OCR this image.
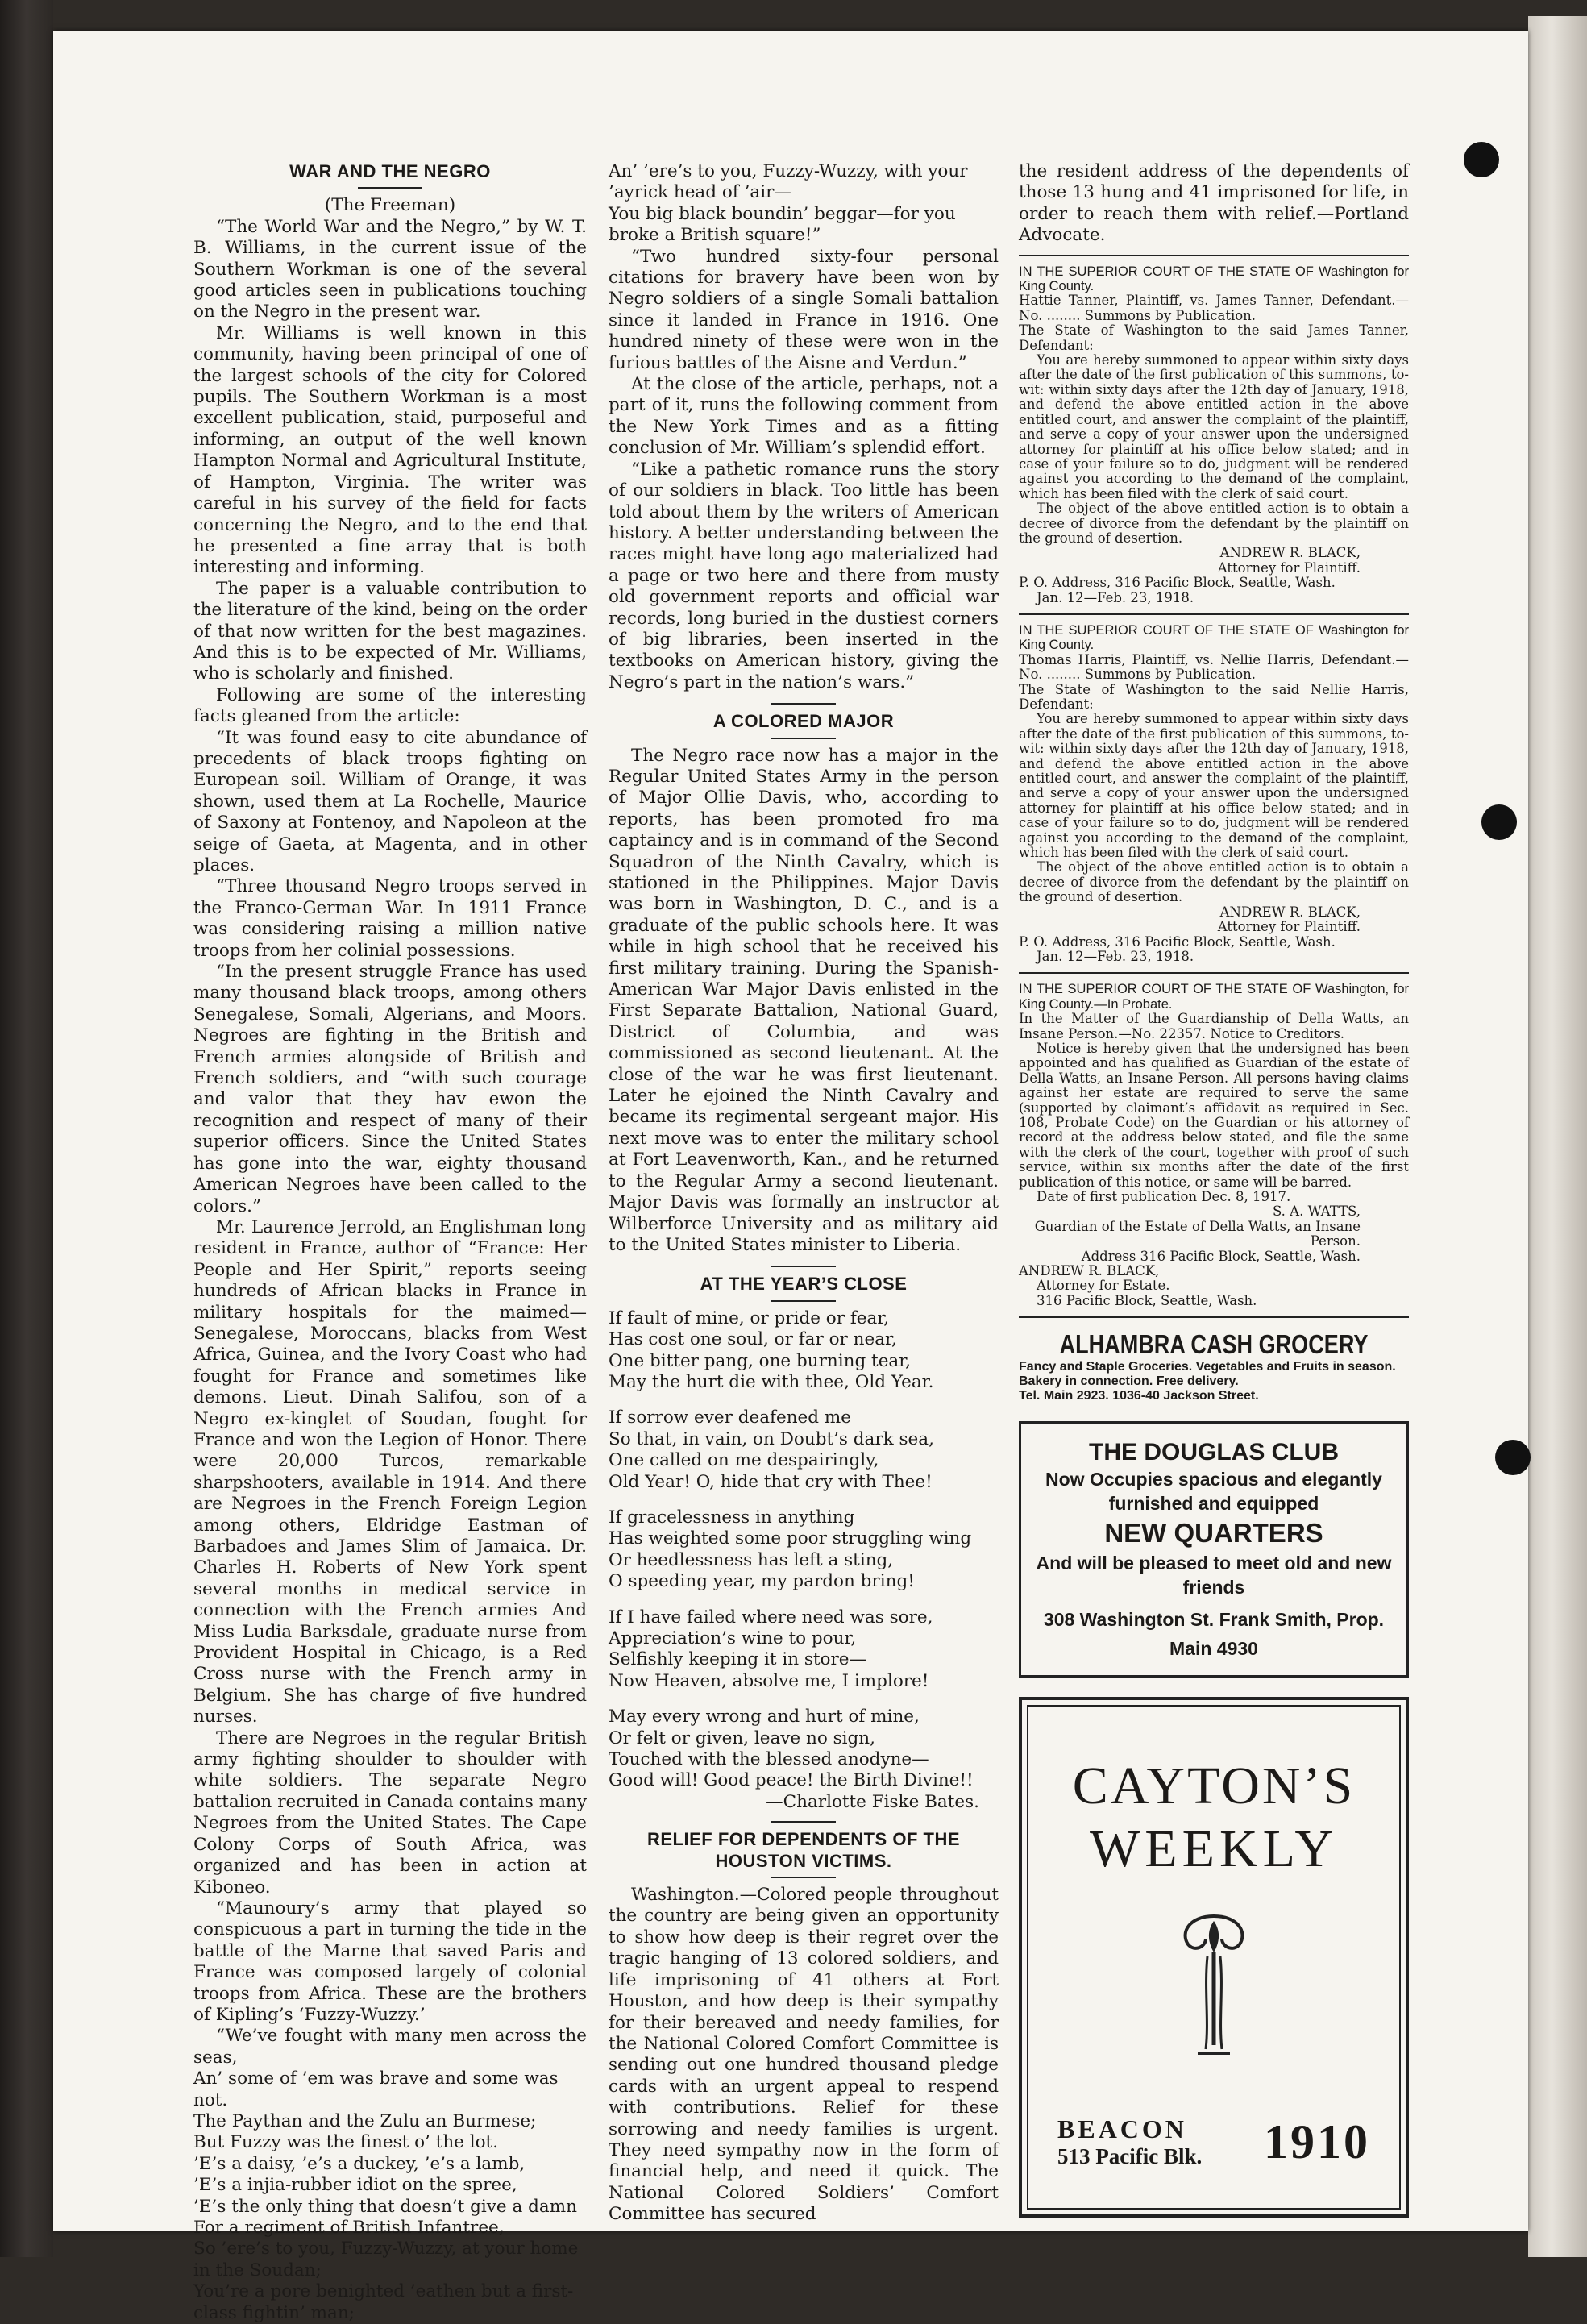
WAR AND THE NEGRO

(The Freeman)

“The World War and the Negro,” by W. T. B. Williams, in the current issue of the Southern Workman is one of the several good articles seen in publications touching on the Negro in the present war.

Mr. Williams is well known in this community, having been principal of one of the largest schools of the city for Colored pupils. The Southern Workman is a most excellent publication, staid, purposeful and informing, an output of the well known Hampton Normal and Agricultural Institute, of Hampton, Virginia. The writer was careful in his survey of the field for facts concerning the Negro, and to the end that he presented a fine array that is both interesting and informing.

The paper is a valuable contribution to the literature of the kind, being on the order of that now written for the best magazines. And this is to be expected of Mr. Williams, who is scholarly and finished.

Following are some of the interesting facts gleaned from the article:

“It was found easy to cite abundance of precedents of black troops fighting on European soil. William of Orange, it was shown, used them at La Rochelle, Maurice of Saxony at Fontenoy, and Napoleon at the seige of Gaeta, at Magenta, and in other places.

“Three thousand Negro troops served in the Franco-German War. In 1911 France was considering raising a million native troops from her colinial possessions.

“In the present struggle France has used many thousand black troops, among others Senegalese, Somali, Algerians, and Moors. Negroes are fighting in the British and French armies alongside of British and French soldiers, and “with such courage and valor that they hav ewon the recognition and respect of many of their superior officers. Since the United States has gone into the war, eighty thousand American Negroes have been called to the colors.”

Mr. Laurence Jerrold, an Englishman long resident in France, author of “France: Her People and Her Spirit,” reports seeing hundreds of African blacks in France in military hospitals for the maimed—Senegalese, Moroccans, blacks from West Africa, Guinea, and the Ivory Coast who had fought for France and sometimes like demons. Lieut. Dinah Salifou, son of a Negro ex-kinglet of Soudan, fought for France and won the Legion of Honor. There were 20,000 Turcos, remarkable sharpshooters, available in 1914. And there are Negroes in the French Foreign Legion among others, Eldridge Eastman of Barbadoes and James Slim of Jamaica. Dr. Charles H. Roberts of New York spent several months in medical service in connection with the French armies And Miss Ludia Barksdale, graduate nurse from Provident Hospital in Chicago, is a Red Cross nurse with the French army in Belgium. She has charge of five hundred nurses.

There are Negroes in the regular British army fighting shoulder to shoulder with white soldiers. The separate Negro battalion recruited in Canada contains many Negroes from the United States. The Cape Colony Corps of South Africa, was organized and has been in action at Kiboneo.

“Maunoury’s army that played so conspicuous a part in turning the tide in the battle of the Marne that saved Paris and France was composed largely of colonial troops from Africa. These are the brothers of Kipling’s ‘Fuzzy-Wuzzy.’

“We’ve fought with many men across the seas,

An’ some of ’em was brave and some was not.
The Paythan and the Zulu an Burmese;
But Fuzzy was the finest o’ the lot.
’E’s a daisy, ’e’s a duckey, ’e’s a lamb,
’E’s a injia-rubber idiot on the spree,
’E’s the only thing that doesn’t give a damn
For a regiment of British Infantree,
So ’ere’s to you, Fuzzy-Wuzzy, at your home in the Soudan;
You’re a pore benighted ’eathen but a first-class fightin’ man;
An’ ’ere’s to you, Fuzzy-Wuzzy, with your ’ayrick head of ’air—
You big black boundin’ beggar—for you broke a British square!”

“Two hundred sixty-four personal citations for bravery have been won by Negro soldiers of a single Somali battalion since it landed in France in 1916. One hundred ninety of these were won in the furious battles of the Aisne and Verdun.”

At the close of the article, perhaps, not a part of it, runs the following comment from the New York Times and as a fitting conclusion of Mr. William’s splendid effort.

“Like a pathetic romance runs the story of our soldiers in black. Too little has been told about them by the writers of American history. A better understanding between the races might have long ago materialized had a page or two here and there from musty old government reports and official war records, long buried in the dustiest corners of big libraries, been inserted in the textbooks on American history, giving the Negro’s part in the nation’s wars.”

A COLORED MAJOR

The Negro race now has a major in the Regular United States Army in the person of Major Ollie Davis, who, according to reports, has been promoted fro ma captaincy and is in command of the Second Squadron of the Ninth Cavalry, which is stationed in the Philippines. Major Davis was born in Washington, D. C., and is a graduate of the public schools here. It was while in high school that he received his first military training. During the Spanish-American War Major Davis enlisted in the First Separate Battalion, National Guard, District of Columbia, and was commissioned as second lieutenant. At the close of the war he was first lieutenant. Later he ejoined the Ninth Cavalry and became its regimental sergeant major. His next move was to enter the military school at Fort Leavenworth, Kan., and he returned to the Regular Army a second lieutenant. Major Davis was formally an instructor at Wilberforce University and as military aid to the United States minister to Liberia.

AT THE YEAR’S CLOSE
If fault of mine, or pride or fear,
Has cost one soul, or far or near,
One bitter pang, one burning tear,
May the hurt die with thee, Old Year.
If sorrow ever deafened me
So that, in vain, on Doubt’s dark sea,
One called on me despairingly,
Old Year! O, hide that cry with Thee!
If gracelessness in anything
Has weighted some poor struggling wing
Or heedlessness has left a sting,
O speeding year, my pardon bring!
If I have failed where need was sore,
Appreciation’s wine to pour,
Selfishly keeping it in store—
Now Heaven, absolve me, I implore!
May every wrong and hurt of mine,
Or felt or given, leave no sign,
Touched with the blessed anodyne—
Good will! Good peace! the Birth Divine!!

—Charlotte Fiske Bates.

RELIEF FOR DEPENDENTS OF THE HOUSTON VICTIMS.

Washington.—Colored people throughout the country are being given an opportunity to show how deep is their regret over the tragic hanging of 13 colored soldiers, and life imprisoning of 41 others at Fort Houston, and how deep is their sympathy for their bereaved and needy families, for the National Colored Comfort Committee is sending out one hundred thousand pledge cards with an urgent appeal to respend with contributions. Relief for these sorrowing and needy families is urgent. They need sympathy now in the form of financial help, and need it quick. The National Colored Soldiers’ Comfort Committee has secured

the resident address of the dependents of those 13 hung and 41 imprisoned for life, in order to reach them with relief.—Portland Advocate.

IN THE SUPERIOR COURT OF THE STATE OF Washington for King County.

Hattie Tanner, Plaintiff, vs. James Tanner, Defendant.—No. ........ Summons by Publication.

The State of Washington to the said James Tanner, Defendant:

You are hereby summoned to appear within sixty days after the date of the first publication of this summons, to-wit: within sixty days after the 12th day of January, 1918, and defend the above entitled action in the above entitled court, and answer the complaint of the plaintiff, and serve a copy of your answer upon the undersigned attorney for plaintiff at his office below stated; and in case of your failure so to do, judgment will be rendered against you according to the demand of the complaint, which has been filed with the clerk of said court.

The object of the above entitled action is to obtain a decree of divorce from the defendant by the plaintiff on the ground of desertion.

ANDREW R. BLACK,

Attorney for Plaintiff.

P. O. Address, 316 Pacific Block, Seattle, Wash.

Jan. 12—Feb. 23, 1918.

IN THE SUPERIOR COURT OF THE STATE OF Washington for King County.

Thomas Harris, Plaintiff, vs. Nellie Harris, Defendant.—No. ........ Summons by Publication.

The State of Washington to the said Nellie Harris, Defendant:

You are hereby summoned to appear within sixty days after the date of the first publication of this summons, to-wit: within sixty days after the 12th day of January, 1918, and defend the above entitled action in the above entitled court, and answer the complaint of the plaintiff, and serve a copy of your answer upon the undersigned attorney for plaintiff at his office below stated; and in case of your failure so to do, judgment will be rendered against you according to the demand of the complaint, which has been filed with the clerk of said court.

The object of the above entitled action is to obtain a decree of divorce from the defendant by the plaintiff on the ground of desertion.

ANDREW R. BLACK,

Attorney for Plaintiff.

P. O. Address, 316 Pacific Block, Seattle, Wash.

Jan. 12—Feb. 23, 1918.

IN THE SUPERIOR COURT OF THE STATE OF Washington, for King County.—In Probate.

In the Matter of the Guardianship of Della Watts, an Insane Person.—No. 22357. Notice to Creditors.

Notice is hereby given that the undersigned has been appointed and has qualified as Guardian of the estate of Della Watts, an Insane Person. All persons having claims against her estate are required to serve the same (supported by claimant’s affidavit as required in Sec. 108, Probate Code) on the Guardian or his attorney of record at the address below stated, and file the same with the clerk of the court, together with proof of such service, within six months after the date of the first publication of this notice, or same will be barred.

Date of first publication Dec. 8, 1917.

S. A. WATTS,

Guardian of the Estate of Della Watts, an Insane Person.

Address 316 Pacific Block, Seattle, Wash.

ANDREW R. BLACK,

Attorney for Estate.

316 Pacific Block, Seattle, Wash.

ALHAMBRA CASH GROCERY
Fancy and Staple Groceries. Vegetables and Fruits in season. Bakery in connection. Free delivery.
Tel. Main 2923. 1036-40 Jackson Street.
THE DOUGLAS CLUB
Now Occupies spacious and elegantly furnished and equipped
NEW QUARTERS
And will be pleased to meet old and new friends
308 Washington St. Frank Smith, Prop.
Main 4930
CAYTON’S
WEEKLY
BEACON
513 Pacific Blk. 1910
